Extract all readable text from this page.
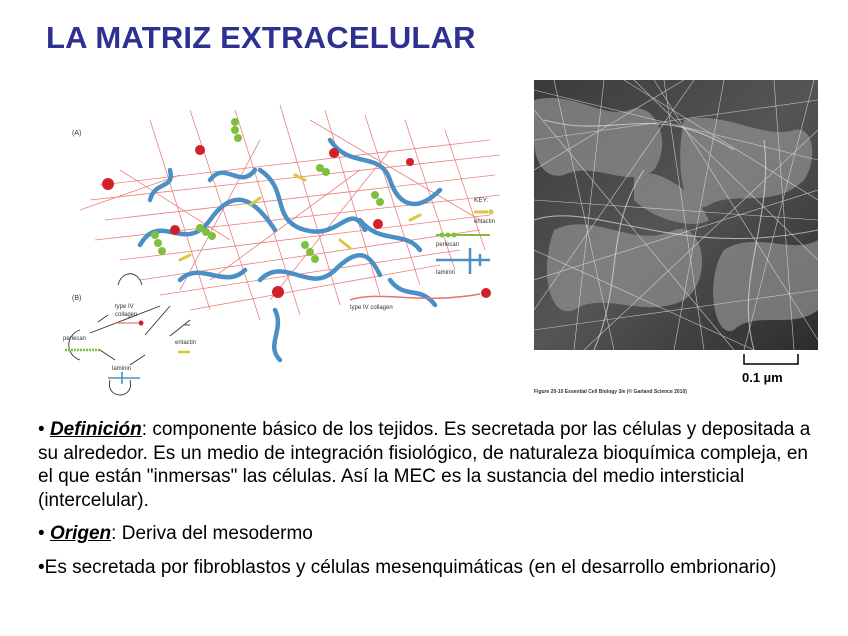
LA MATRIZ EXTRACELULAR
(A)
KEY:
entactin
perlecan
laminin
type IV collagen
(B)
type IV
collagen
perlecan
entactin
laminin
0.1 µm
Figure 20-10 Essential Cell Biology 3/e (© Garland Science 2010)

• Definición: componente básico de los tejidos. Es secretada por las células y depositada a su alrededor. Es un medio de integración fisiológico, de naturaleza bioquímica compleja, en el que están "inmersas" las células. Así la MEC es la sustancia del medio intersticial (intercelular).

• Origen: Deriva del mesodermo

•Es secretada por fibroblastos y células mesenquimáticas (en el desarrollo embrionario)
